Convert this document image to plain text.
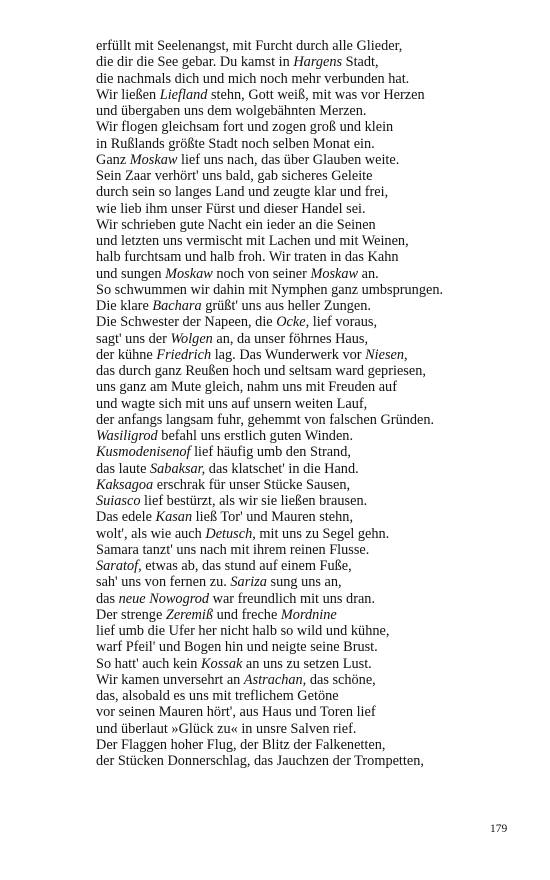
erfüllt mit Seelenangst, mit Furcht durch alle Glieder,
die dir die See gebar. Du kamst in Hargens Stadt,
die nachmals dich und mich noch mehr verbunden hat.
Wir ließen Liefland stehn, Gott weiß, mit was vor Herzen
und übergaben uns dem wolgebähnten Merzen.
Wir flogen gleichsam fort und zogen groß und klein
in Rußlands größte Stadt noch selben Monat ein.
Ganz Moskaw lief uns nach, das über Glauben weite.
Sein Zaar verhört' uns bald, gab sicheres Geleite
durch sein so langes Land und zeugte klar und frei,
wie lieb ihm unser Fürst und dieser Handel sei.
Wir schrieben gute Nacht ein ieder an die Seinen
und letzten uns vermischt mit Lachen und mit Weinen,
halb furchtsam und halb froh. Wir traten in das Kahn
und sungen Moskaw noch von seiner Moskaw an.
So schwummen wir dahin mit Nymphen ganz umbsprungen.
Die klare Bachara grüßt' uns aus heller Zungen.
Die Schwester der Napeen, die Ocke, lief voraus,
sagt' uns der Wolgen an, da unser föhrnes Haus,
der kühne Friedrich lag. Das Wunderwerk vor Niesen,
das durch ganz Reußen hoch und seltsam ward gepriesen,
uns ganz am Mute gleich, nahm uns mit Freuden auf
und wagte sich mit uns auf unsern weiten Lauf,
der anfangs langsam fuhr, gehemmt von falschen Gründen.
Wasiligrod befahl uns erstlich guten Winden.
Kusmodenisenof lief häufig umb den Strand,
das laute Sabaksar, das klatschet' in die Hand.
Kaksagoa erschrak für unser Stücke Sausen,
Suiasco lief bestürzt, als wir sie ließen brausen.
Das edele Kasan ließ Tor' und Mauren stehn,
wolt', als wie auch Detusch, mit uns zu Segel gehn.
Samara tanzt' uns nach mit ihrem reinen Flusse.
Saratof, etwas ab, das stund auf einem Fuße,
sah' uns von fernen zu. Sariza sung uns an,
das neue Nowogrod war freundlich mit uns dran.
Der strenge Zeremiß und freche Mordnine
lief umb die Ufer her nicht halb so wild und kühne,
warf Pfeil' und Bogen hin und neigte seine Brust.
So hatt' auch kein Kossak an uns zu setzen Lust.
Wir kamen unversehrt an Astrachan, das schöne,
das, alsobald es uns mit treflichem Getöne
vor seinen Mauren hört', aus Haus und Toren lief
und überlaut »Glück zu« in unsre Salven rief.
Der Flaggen hoher Flug, der Blitz der Falkenetten,
der Stücken Donnerschlag, das Jauchzen der Trompetten,
179
